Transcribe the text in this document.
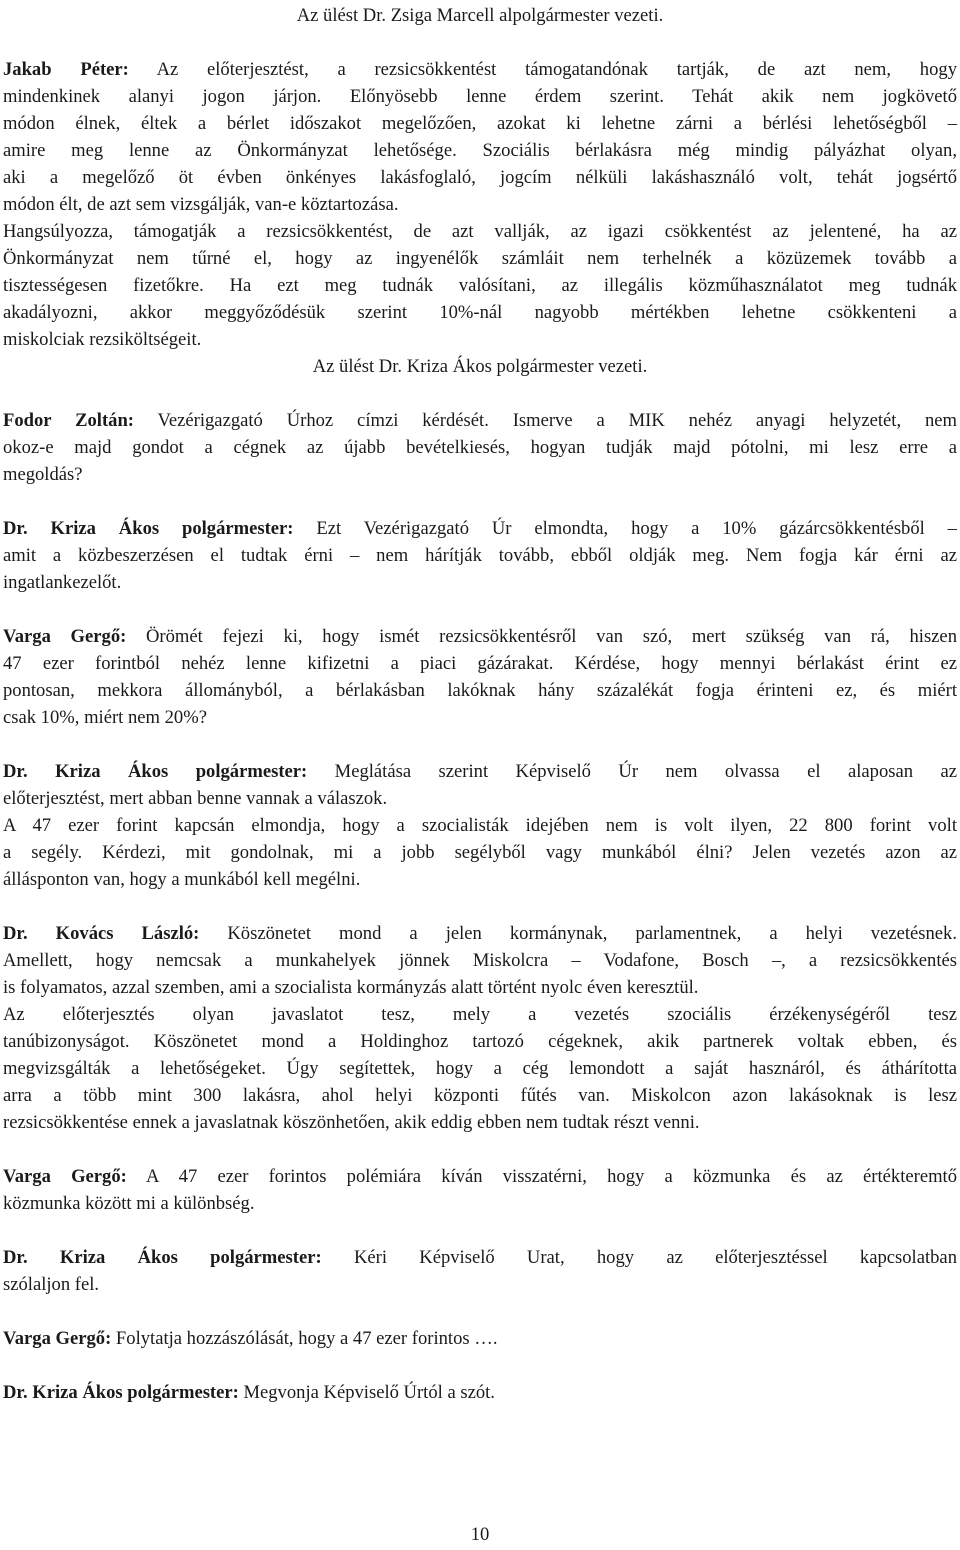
Az ülést Dr. Zsiga Marcell alpolgármester vezeti.
Jakab Péter: Az előterjesztést, a rezsicsökkentést támogatandónak tartják, de azt nem, hogy
mindenkinek alanyi jogon járjon. Előnyösebb lenne érdem szerint. Tehát akik nem jogkövető
módon élnek, éltek a bérlet időszakot megelőzően, azokat ki lehetne zárni a bérlési lehetőségből –
amire meg lenne az Önkormányzat lehetősége. Szociális bérlakásra még mindig pályázhat olyan,
aki a megelőző öt évben önkényes lakásfoglaló, jogcím nélküli lakáshasználó volt, tehát jogsértő
módon élt, de azt sem vizsgálják, van-e köztartozása.
Hangsúlyozza, támogatják a rezsicsökkentést, de azt vallják, az igazi csökkentést az jelentené, ha az
Önkormányzat nem tűrné el, hogy az ingyenélők számláit nem terhelnék a közüzemek tovább a
tisztességesen fizetőkre. Ha ezt meg tudnák valósítani, az illegális közműhasználatot meg tudnák
akadályozni, akkor meggyőződésük szerint 10%-nál nagyobb mértékben lehetne csökkenteni a
miskolciak rezsiköltségeit.
Az ülést Dr. Kriza Ákos polgármester vezeti.
Fodor Zoltán: Vezérigazgató Úrhoz címzi kérdését. Ismerve a MIK nehéz anyagi helyzetét, nem
okoz-e majd gondot a cégnek az újabb bevételkiesés, hogyan tudják majd pótolni, mi lesz erre a
megoldás?
Dr. Kriza Ákos polgármester: Ezt Vezérigazgató Úr elmondta, hogy a 10% gázárcsökkentésből –
amit a közbeszerzésen el tudtak érni – nem hárítják tovább, ebből oldják meg. Nem fogja kár érni az
ingatlankezelőt.
Varga Gergő: Örömét fejezi ki, hogy ismét rezsicsökkentésről van szó, mert szükség van rá, hiszen
47 ezer forintból nehéz lenne kifizetni a piaci gázárakat. Kérdése, hogy mennyi bérlakást érint ez
pontosan, mekkora állományból, a bérlakásban lakóknak hány százalékát fogja érinteni ez, és miért
csak 10%, miért nem 20%?
Dr. Kriza Ákos polgármester: Meglátása szerint Képviselő Úr nem olvassa el alaposan az
előterjesztést, mert abban benne vannak a válaszok.
A 47 ezer forint kapcsán elmondja, hogy a szocialisták idejében nem is volt ilyen, 22 800 forint volt
a segély. Kérdezi, mit gondolnak, mi a jobb segélyből vagy munkából élni? Jelen vezetés azon az
állásponton van, hogy a munkából kell megélni.
Dr. Kovács László: Köszönetet mond a jelen kormánynak, parlamentnek, a helyi vezetésnek.
Amellett, hogy nemcsak a munkahelyek jönnek Miskolcra – Vodafone, Bosch –, a rezsicsökkentés
is folyamatos, azzal szemben, ami a szocialista kormányzás alatt történt nyolc éven keresztül.
Az előterjesztés olyan javaslatot tesz, mely a vezetés szociális érzékenységéről tesz
tanúbizonyságot. Köszönetet mond a Holdinghoz tartozó cégeknek, akik partnerek voltak ebben, és
megvizsgálták a lehetőségeket. Úgy segítettek, hogy a cég lemondott a saját hasznáról, és áthárította
arra a több mint 300 lakásra, ahol helyi központi fűtés van. Miskolcon azon lakásoknak is lesz
rezsicsökkentése ennek a javaslatnak köszönhetően, akik eddig ebben nem tudtak részt venni.
Varga Gergő: A 47 ezer forintos polémiára kíván visszatérni, hogy a közmunka és az értékteremtő
közmunka között mi a különbség.
Dr. Kriza Ákos polgármester: Kéri Képviselő Urat, hogy az előterjesztéssel kapcsolatban
szólaljon fel.
Varga Gergő: Folytatja hozzászólását, hogy a 47 ezer forintos ….
Dr. Kriza Ákos polgármester: Megvonja Képviselő Úrtól a szót.
10
